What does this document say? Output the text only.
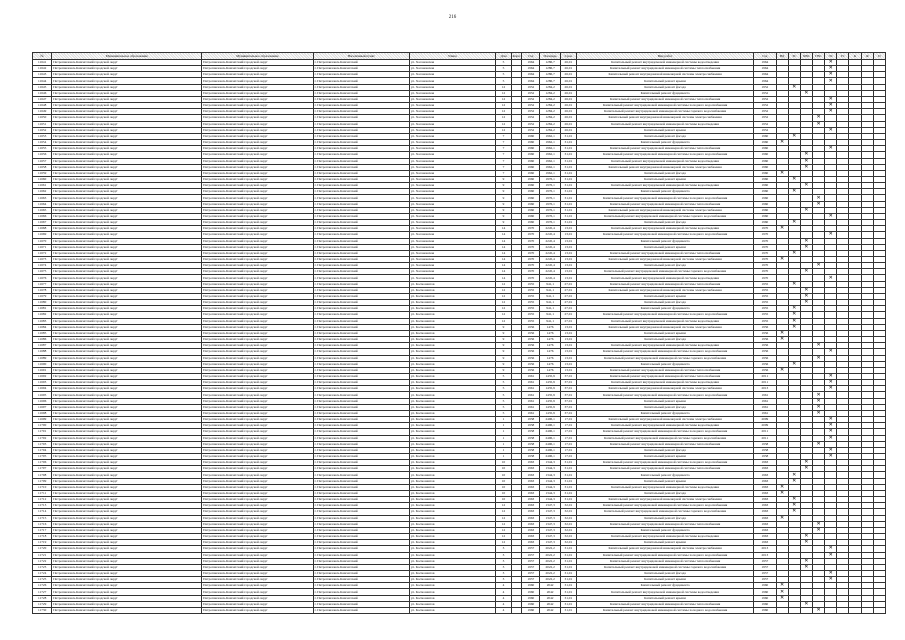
216
№	Муниципальное образование	Муниципальное образование	Населённый пункт	Улица	Дом	Корп.	Год	Площадь	Срок	Вид работ	Год	ВД	ТС	ХВС	ГВС	ЭС	ГС	К	Ф	П
11641	Петропавловск-Камчатский городской округ	Петропавловск-Камчатский городской округ	г. Петропавловск-Камчатский	ул. Хасановская	5		1964	1286,7	26,01	Капитальный ремонт внутридомовой инженерной системы водоотведения	1964					✕				
11642	Петропавловск-Камчатский городской округ	Петропавловск-Камчатский городской округ	г. Петропавловск-Камчатский	ул. Хасановская	5		1964	1286,7	26,01	Капитальный ремонт внутридомовой инженерной системы теплоснабжения	1964					✕				
11643	Петропавловск-Камчатский городской округ	Петропавловск-Камчатский городской округ	г. Петропавловск-Камчатский	ул. Хасановская	5		1964	1286,7	26,01	Капитальный ремонт внутридомовой инженерной системы электроснабжения	1964					✕				
11644	Петропавловск-Камчатский городской округ	Петропавловск-Камчатский городской округ	г. Петропавловск-Камчатский	ул. Хасановская	5		1964	1286,7	26,01	Капитальный ремонт крыши	1964					✕				
11645	Петропавловск-Камчатский городской округ	Петропавловск-Камчатский городской округ	г. Петропавловск-Камчатский	ул. Хасановская	12		1952	1284,2	26,01	Капитальный ремонт фасада	1952		✕							
11646	Петропавловск-Камчатский городской округ	Петропавловск-Камчатский городской округ	г. Петропавловск-Камчатский	ул. Хасановская	12		1952	1284,2	26,01	Капитальный ремонт фундамента	1952			✕						
11647	Петропавловск-Камчатский городской округ	Петропавловск-Камчатский городской округ	г. Петропавловск-Камчатский	ул. Хасановская	12		1952	1284,2	26,01	Капитальный ремонт внутридомовой инженерной системы теплоснабжения	1952					✕				
11648	Петропавловск-Камчатский городской округ	Петропавловск-Камчатский городской округ	г. Петропавловск-Камчатский	ул. Хасановская	12		1952	1284,2	26,01	Капитальный ремонт внутридомовой инженерной системы холодного водоснабжения	1952					✕				
11649	Петропавловск-Камчатский городской округ	Петропавловск-Камчатский городской округ	г. Петропавловск-Камчатский	ул. Хасановская	12		1952	1284,2	26,01	Капитальный ремонт внутридомовой инженерной системы горячего водоснабжения	1952					✕				
11650	Петропавловск-Камчатский городской округ	Петропавловск-Камчатский городской округ	г. Петропавловск-Камчатский	ул. Хасановская	12		1952	1284,2	26,01	Капитальный ремонт внутридомовой инженерной системы электроснабжения	1952				✕					
11651	Петропавловск-Камчатский городской округ	Петропавловск-Камчатский городской округ	г. Петропавловск-Камчатский	ул. Хасановская	12		1952	1284,2	26,01	Капитальный ремонт внутридомовой инженерной системы водоотведения	1952				✕					
11652	Петропавловск-Камчатский городской округ	Петропавловск-Камчатский городской округ	г. Петропавловск-Камчатский	ул. Хасановская	12		1952	1284,2	26,01	Капитальный ремонт крыши	1952					✕				
11653	Петропавловск-Камчатский городской округ	Петропавловск-Камчатский городской округ	г. Петропавловск-Камчатский	ул. Хасановская	7		1960	1962,1	31,01	Капитальный ремонт фасада	1960		✕							
11654	Петропавловск-Камчатский городской округ	Петропавловск-Камчатский городской округ	г. Петропавловск-Камчатский	ул. Хасановская	7		1960	1962,1	31,01	Капитальный ремонт фундамента	1960	✕								
11655	Петропавловск-Камчатский городской округ	Петропавловск-Камчатский городской округ	г. Петропавловск-Камчатский	ул. Хасановская	7		1960	1962,1	31,01	Капитальный ремонт внутридомовой инженерной системы теплоснабжения	1960					✕				
11656	Петропавловск-Камчатский городской округ	Петропавловск-Камчатский городской округ	г. Петропавловск-Камчатский	ул. Хасановская	7		1960	1962,1	31,01	Капитальный ремонт внутридомовой инженерной системы холодного водоснабжения	1960			✕						
11657	Петропавловск-Камчатский городской округ	Петропавловск-Камчатский городской округ	г. Петропавловск-Камчатский	ул. Хасановская	7		1960	1962,1	31,01	Капитальный ремонт внутридомовой инженерной системы водоотведения	1960			✕						
11658	Петропавловск-Камчатский городской округ	Петропавловск-Камчатский городской округ	г. Петропавловск-Камчатский	ул. Хасановская	7		1960	1962,1	31,01	Капитальный ремонт внутридомовой инженерной системы электроснабжения	1960			✕						
11659	Петропавловск-Камчатский городской округ	Петропавловск-Камчатский городской округ	г. Петропавловск-Камчатский	ул. Хасановская	7		1960	1962,1	31,01	Капитальный ремонт фасада	1960	✕								
11660	Петропавловск-Камчатский городской округ	Петропавловск-Камчатский городской округ	г. Петропавловск-Камчатский	ул. Хасановская	9		1960	1976,1	31,01	Капитальный ремонт крыши	1960		✕							
11661	Петропавловск-Камчатский городской округ	Петропавловск-Камчатский городской округ	г. Петропавловск-Камчатский	ул. Хасановская	9		1960	1976,1	31,01	Капитальный ремонт внутридомовой инженерной системы водоотведения	1960			✕						
11662	Петропавловск-Камчатский городской округ	Петропавловск-Камчатский городской округ	г. Петропавловск-Камчатский	ул. Хасановская	9		1960	1976,1	31,01	Капитальный ремонт фундамента	1960		✕							
11663	Петропавловск-Камчатский городской округ	Петропавловск-Камчатский городской округ	г. Петропавловск-Камчатский	ул. Хасановская	9		1960	1976,1	31,01	Капитальный ремонт внутридомовой инженерной системы холодного водоснабжения	1960				✕					
11664	Петропавловск-Камчатский городской округ	Петропавловск-Камчатский городской округ	г. Петропавловск-Камчатский	ул. Хасановская	9		1960	1976,1	31,01	Капитальный ремонт внутридомовой инженерной системы теплоснабжения	1960				✕					
11665	Петропавловск-Камчатский городской округ	Петропавловск-Камчатский городской округ	г. Петропавловск-Камчатский	ул. Хасановская	9		1960	1976,1	31,01	Капитальный ремонт внутридомовой инженерной системы электроснабжения	1960			✕						
11666	Петропавловск-Камчатский городской округ	Петропавловск-Камчатский городской округ	г. Петропавловск-Камчатский	ул. Хасановская	9		1960	1976,1	31,01	Капитальный ремонт внутридомовой инженерной системы горячего водоснабжения	1960					✕				
11667	Петропавловск-Камчатский городской округ	Петропавловск-Камчатский городской округ	г. Петропавловск-Камчатский	ул. Хасановская	9		1960	1976,1	31,01	Капитальный ремонт фасада	1960		✕							
11668	Петропавловск-Камчатский городской округ	Петропавловск-Камчатский городской округ	г. Петропавловск-Камчатский	ул. Хасановская	14		1970	2245,4	13,01	Капитальный ремонт внутридомовой инженерной системы водоотведения	1970	✕								
11669	Петропавловск-Камчатский городской округ	Петропавловск-Камчатский городской округ	г. Петропавловск-Камчатский	ул. Хасановская	14		1970	2245,4	13,01	Капитальный ремонт внутридомовой инженерной системы холодного водоснабжения	1970					✕				
11670	Петропавловск-Камчатский городской округ	Петропавловск-Камчатский городской округ	г. Петропавловск-Камчатский	ул. Хасановская	14		1970	2245,4	13,01	Капитальный ремонт фундамента	1970			✕						
11671	Петропавловск-Камчатский городской округ	Петропавловск-Камчатский городской округ	г. Петропавловск-Камчатский	ул. Хасановская	14		1970	2245,4	13,01	Капитальный ремонт крыши	1970			✕						
11672	Петропавловск-Камчатский городской округ	Петропавловск-Камчатский городской округ	г. Петропавловск-Камчатский	ул. Хасановская	14		1970	2245,4	13,01	Капитальный ремонт внутридомовой инженерной системы теплоснабжения	1970		✕							
11673	Петропавловск-Камчатский городской округ	Петропавловск-Камчатский городской округ	г. Петропавловск-Камчатский	ул. Хасановская	14		1970	2245,4	13,01	Капитальный ремонт внутридомовой инженерной системы электроснабжения	1970	✕								
11674	Петропавловск-Камчатский городской округ	Петропавловск-Камчатский городской округ	г. Петропавловск-Камчатский	ул. Хасановская	14		1970	2245,4	13,01	Капитальный ремонт фасада	1970				✕					
11675	Петропавловск-Камчатский городской округ	Петропавловск-Камчатский городской округ	г. Петропавловск-Камчатский	ул. Хасановская	14		1970	2245,4	13,01	Капитальный ремонт внутридомовой инженерной системы горячего водоснабжения	1970			✕						
11676	Петропавловск-Камчатский городской округ	Петропавловск-Камчатский городской округ	г. Петропавловск-Камчатский	ул. Хасановская	14		1970	2245,4	13,01	Капитальный ремонт внутридомовой инженерной системы водоотведения	1970					✕				
11677	Петропавловск-Камчатский городской округ	Петропавловск-Камчатский городской округ	г. Петропавловск-Камчатский	ул. Космонавтов	12		1955	941,1	27,01	Капитальный ремонт внутридомовой инженерной системы теплоснабжения	1955		✕							
11678	Петропавловск-Камчатский городской округ	Петропавловск-Камчатский городской округ	г. Петропавловск-Камчатский	ул. Космонавтов	12		1955	941,1	27,01	Капитальный ремонт внутридомовой инженерной системы электроснабжения	1955			✕						
11679	Петропавловск-Камчатский городской округ	Петропавловск-Камчатский городской округ	г. Петропавловск-Камчатский	ул. Космонавтов	12		1955	941,1	27,01	Капитальный ремонт крыши	1955			✕						
11680	Петропавловск-Камчатский городской округ	Петропавловск-Камчатский городской округ	г. Петропавловск-Камчатский	ул. Космонавтов	12		1955	941,1	27,01	Капитальный ремонт фасада	1955			✕						
11681	Петропавловск-Камчатский городской округ	Петропавловск-Камчатский городской округ	г. Петропавловск-Камчатский	ул. Космонавтов	12		1955	941,1	27,01	Капитальный ремонт фундамента	1955		✕							
11682	Петропавловск-Камчатский городской округ	Петропавловск-Камчатский городской округ	г. Петропавловск-Камчатский	ул. Космонавтов	12		1955	941,1	27,01	Капитальный ремонт внутридомовой инженерной системы холодного водоснабжения	1955		✕							
11683	Петропавловск-Камчатский городской округ	Петропавловск-Камчатский городской округ	г. Петропавловск-Камчатский	ул. Космонавтов	12		1955	941,1	27,01	Капитальный ремонт внутридомовой инженерной системы водоотведения	1955		✕							
11684	Петропавловск-Камчатский городской округ	Петропавловск-Камчатский городской округ	г. Петропавловск-Камчатский	ул. Космонавтов	9		1956	1476	13,01	Капитальный ремонт внутридомовой инженерной системы электроснабжения	1956		✕							
11685	Петропавловск-Камчатский городской округ	Петропавловск-Камчатский городской округ	г. Петропавловск-Камчатский	ул. Космонавтов	9		1956	1476	13,01	Капитальный ремонт крыши	1956	✕								
11686	Петропавловск-Камчатский городской округ	Петропавловск-Камчатский городской округ	г. Петропавловск-Камчатский	ул. Космонавтов	9		1956	1476	13,01	Капитальный ремонт фасада	1956	✕								
11687	Петропавловск-Камчатский городской округ	Петропавловск-Камчатский городской округ	г. Петропавловск-Камчатский	ул. Космонавтов	9		1956	1476	13,01	Капитальный ремонт внутридомовой инженерной системы водоотведения	1956				✕					
11688	Петропавловск-Камчатский городской округ	Петропавловск-Камчатский городской округ	г. Петропавловск-Камчатский	ул. Космонавтов	9		1956	1476	13,01	Капитальный ремонт внутридомовой инженерной системы холодного водоснабжения	1956					✕				
11689	Петропавловск-Камчатский городской округ	Петропавловск-Камчатский городской округ	г. Петропавловск-Камчатский	ул. Космонавтов	9		1956	1476	13,01	Капитальный ремонт внутридомовой инженерной системы горячего водоснабжения	1956				✕					
11690	Петропавловск-Камчатский городской округ	Петропавловск-Камчатский городской округ	г. Петропавловск-Камчатский	ул. Космонавтов	9		1956	1476	13,01	Капитальный ремонт фундамента	1956		✕							
11691	Петропавловск-Камчатский городской округ	Петропавловск-Камчатский городской округ	г. Петропавловск-Камчатский	ул. Космонавтов	9		1956	1476	13,01	Капитальный ремонт внутридомовой инженерной системы теплоснабжения	1956	✕								
11692	Петропавловск-Камчатский городской округ	Петропавловск-Камчатский городской округ	г. Петропавловск-Камчатский	ул. Космонавтов	5		1961	1435,9	37,01	Капитальный ремонт внутридомовой инженерной системы теплоснабжения	2011					✕				
11693	Петропавловск-Камчатский городской округ	Петропавловск-Камчатский городской округ	г. Петропавловск-Камчатский	ул. Космонавтов	5		1961	1435,9	37,01	Капитальный ремонт внутридомовой инженерной системы водоотведения	2011					✕				
11694	Петропавловск-Камчатский городской округ	Петропавловск-Камчатский городской округ	г. Петропавловск-Камчатский	ул. Космонавтов	5		1961	1435,9	37,01	Капитальный ремонт внутридомовой инженерной системы электроснабжения	2013					✕				
11695	Петропавловск-Камчатский городской округ	Петропавловск-Камчатский городской округ	г. Петропавловск-Камчатский	ул. Космонавтов	5		1961	1435,9	37,01	Капитальный ремонт внутридомовой инженерной системы холодного водоснабжения	1961				✕					
11696	Петропавловск-Камчатский городской округ	Петропавловск-Камчатский городской округ	г. Петропавловск-Камчатский	ул. Космонавтов	5		1961	1435,9	37,01	Капитальный ремонт крыши	1961				✕					
11697	Петропавловск-Камчатский городской округ	Петропавловск-Камчатский городской округ	г. Петропавловск-Камчатский	ул. Космонавтов	5		1961	1435,9	37,01	Капитальный ремонт фасада	1961				✕					
11698	Петропавловск-Камчатский городской округ	Петропавловск-Камчатский городской округ	г. Петропавловск-Камчатский	ул. Космонавтов	5		1961	1435,9	37,01	Капитальный ремонт фундамента	1961				✕					
11699	Петропавловск-Камчатский городской округ	Петропавловск-Камчатский городской округ	г. Петропавловск-Камчатский	ул. Космонавтов	1		1958	2496,1	17,01	Капитальный ремонт внутридомовой инженерной системы электроснабжения	2009					✕				
11700	Петропавловск-Камчатский городской округ	Петропавловск-Камчатский городской округ	г. Петропавловск-Камчатский	ул. Космонавтов	1		1958	2496,1	17,01	Капитальный ремонт внутридомовой инженерной системы водоотведения	2009					✕				
11701	Петропавловск-Камчатский городской округ	Петропавловск-Камчатский городской округ	г. Петропавловск-Камчатский	ул. Космонавтов	1		1958	2496,1	17,01	Капитальный ремонт внутридомовой инженерной системы холодного водоснабжения	2011					✕				
11702	Петропавловск-Камчатский городской округ	Петропавловск-Камчатский городской округ	г. Петропавловск-Камчатский	ул. Космонавтов	1		1958	2496,1	17,01	Капитальный ремонт внутридомовой инженерной системы горячего водоснабжения	2011					✕				
11703	Петропавловск-Камчатский городской округ	Петропавловск-Камчатский городской округ	г. Петропавловск-Камчатский	ул. Космонавтов	1		1958	2496,1	17,01	Капитальный ремонт внутридомовой инженерной системы теплоснабжения	1958				✕					
11704	Петропавловск-Камчатский городской округ	Петропавловск-Камчатский городской округ	г. Петропавловск-Камчатский	ул. Космонавтов	1		1958	2496,1	17,01	Капитальный ремонт фасада	1958					✕				
11705	Петропавловск-Камчатский городской округ	Петропавловск-Камчатский городской округ	г. Петропавловск-Камчатский	ул. Космонавтов	1		1958	2496,1	17,01	Капитальный ремонт крыши	1958					✕				
11706	Петропавловск-Камчатский городской округ	Петропавловск-Камчатский городской округ	г. Петропавловск-Камчатский	ул. Космонавтов	10		1963	1344,3	31,01	Капитальный ремонт внутридомовой инженерной системы холодного водоснабжения	1963			✕						
11707	Петропавловск-Камчатский городской округ	Петропавловск-Камчатский городской округ	г. Петропавловск-Камчатский	ул. Космонавтов	10		1963	1344,3	31,01	Капитальный ремонт внутридомовой инженерной системы теплоснабжения	1963			✕						
11708	Петропавловск-Камчатский городской округ	Петропавловск-Камчатский городской округ	г. Петропавловск-Камчатский	ул. Космонавтов	10		1963	1344,3	31,01	Капитальный ремонт фундамента	1963		✕							
11709	Петропавловск-Камчатский городской округ	Петропавловск-Камчатский городской округ	г. Петропавловск-Камчатский	ул. Космонавтов	10		1963	1344,3	31,01	Капитальный ремонт крыши	1963		✕							
11710	Петропавловск-Камчатский городской округ	Петропавловск-Камчатский городской округ	г. Петропавловск-Камчатский	ул. Космонавтов	10		1963	1344,3	31,01	Капитальный ремонт внутридомовой инженерной системы водоотведения	1963	✕								
11711	Петропавловск-Камчатский городской округ	Петропавловск-Камчатский городской округ	г. Петропавловск-Камчатский	ул. Космонавтов	10		1963	1344,3	31,01	Капитальный ремонт фасада	1963	✕								
11712	Петропавловск-Камчатский городской округ	Петропавловск-Камчатский городской округ	г. Петропавловск-Камчатский	ул. Космонавтов	10		1963	1344,3	31,01	Капитальный ремонт внутридомовой инженерной системы электроснабжения	1963		✕							
11713	Петропавловск-Камчатский городской округ	Петропавловск-Камчатский городской округ	г. Петропавловск-Камчатский	ул. Космонавтов	12		1963	1347,3	32,01	Капитальный ремонт внутридомовой инженерной системы холодного водоснабжения	1963		✕							
11714	Петропавловск-Камчатский городской округ	Петропавловск-Камчатский городской округ	г. Петропавловск-Камчатский	ул. Космонавтов	12		1963	1347,3	32,01	Капитальный ремонт внутридомовой инженерной системы горячего водоснабжения	1963		✕							
11715	Петропавловск-Камчатский городской округ	Петропавловск-Камчатский городской округ	г. Петропавловск-Камчатский	ул. Космонавтов	12		1963	1347,3	32,01	Капитальный ремонт фасада	1963	✕								
11716	Петропавловск-Камчатский городской округ	Петропавловск-Камчатский городской округ	г. Петропавловск-Камчатский	ул. Космонавтов	12		1963	1347,3	32,01	Капитальный ремонт внутридомовой инженерной системы теплоснабжения	1963				✕					
11717	Петропавловск-Камчатский городской округ	Петропавловск-Камчатский городской округ	г. Петропавловск-Камчатский	ул. Космонавтов	12		1963	1347,3	32,01	Капитальный ремонт фундамента	1963				✕					
11718	Петропавловск-Камчатский городской округ	Петропавловск-Камчатский городской округ	г. Петропавловск-Камчатский	ул. Космонавтов	12		1963	1347,3	32,01	Капитальный ремонт внутридомовой инженерной системы водоотведения	1963			✕						
11719	Петропавловск-Камчатский городской округ	Петропавловск-Камчатский городской округ	г. Петропавловск-Камчатский	ул. Космонавтов	12		1963	1347,3	32,01	Капитальный ремонт крыши	1963			✕						
11720	Петропавловск-Камчатский городской округ	Петропавловск-Камчатский городской округ	г. Петропавловск-Камчатский	ул. Космонавтов	3		1957	2022,2	31,01	Капитальный ремонт внутридомовой инженерной системы электроснабжения	2013					✕				
11721	Петропавловск-Камчатский городской округ	Петропавловск-Камчатский городской округ	г. Петропавловск-Камчатский	ул. Космонавтов	3		1957	2022,2	31,01	Капитальный ремонт внутридомовой инженерной системы холодного водоснабжения	2013					✕				
11722	Петропавловск-Камчатский городской округ	Петропавловск-Камчатский городской округ	г. Петропавловск-Камчатский	ул. Космонавтов	3		1957	2022,2	31,01	Капитальный ремонт внутридомовой инженерной системы теплоснабжения	1957			✕						
11723	Петропавловск-Камчатский городской округ	Петропавловск-Камчатский городской округ	г. Петропавловск-Камчатский	ул. Космонавтов	3		1957	2022,2	31,01	Капитальный ремонт внутридомовой инженерной системы горячего водоснабжения	1957			✕						
11724	Петропавловск-Камчатский городской округ	Петропавловск-Камчатский городской округ	г. Петропавловск-Камчатский	ул. Космонавтов	3		1957	2022,2	31,01	Капитальный ремонт фасада	1957					✕				
11725	Петропавловск-Камчатский городской округ	Петропавловск-Камчатский городской округ	г. Петропавловск-Камчатский	ул. Космонавтов	3		1957	2022,2	31,01	Капитальный ремонт крыши	1957					✕				
11726	Петропавловск-Камчатский городской округ	Петропавловск-Камчатский городской округ	г. Петропавловск-Камчатский	ул. Космонавтов	4		1960	2042	31,01	Капитальный ремонт фундамента	1960	✕								
11727	Петропавловск-Камчатский городской округ	Петропавловск-Камчатский городской округ	г. Петропавловск-Камчатский	ул. Космонавтов	4		1960	2042	31,01	Капитальный ремонт внутридомовой инженерной системы водоотведения	1960	✕								
11728	Петропавловск-Камчатский городской округ	Петропавловск-Камчатский городской округ	г. Петропавловск-Камчатский	ул. Космонавтов	4		1960	2042	31,01	Капитальный ремонт крыши	1960	✕								
11729	Петропавловск-Камчатский городской округ	Петропавловск-Камчатский городской округ	г. Петропавловск-Камчатский	ул. Космонавтов	4		1960	2042	31,01	Капитальный ремонт внутридомовой инженерной системы теплоснабжения	1960			✕						
11730	Петропавловск-Камчатский городской округ	Петропавловск-Камчатский городской округ	г. Петропавловск-Камчатский	ул. Космонавтов	4		1960	2042	31,01	Капитальный ремонт внутридомовой инженерной системы холодного водоснабжения	1960				✕					
